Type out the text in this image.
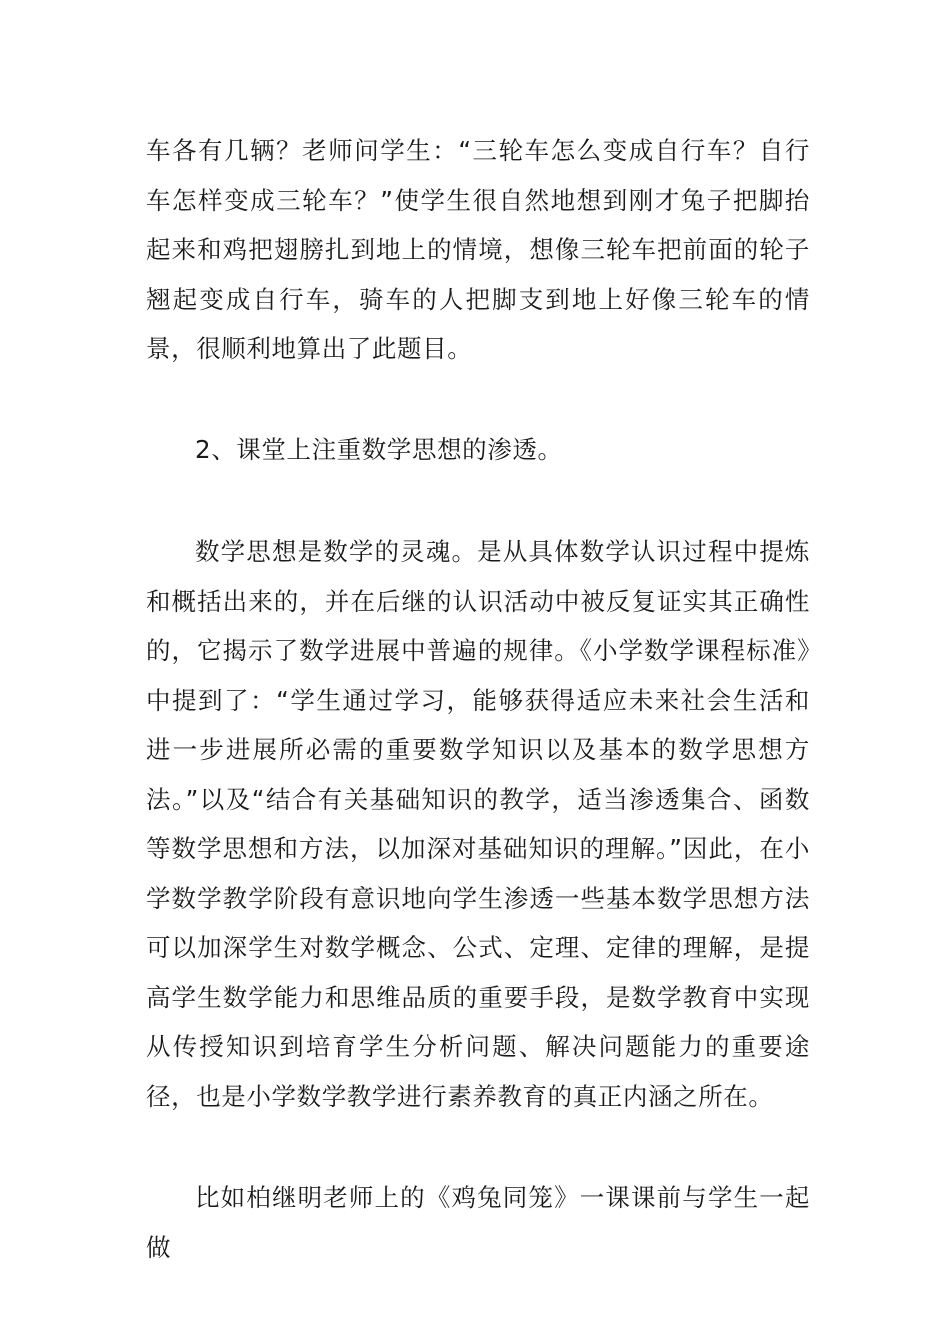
车各有几辆？老师问学生：“三轮车怎么变成自行车？自行车怎样变成三轮车？”使学生很自然地想到刚才兔子把脚抬起来和鸡把翅膀扎到地上的情境，想像三轮车把前面的轮子翘起变成自行车，骑车的人把脚支到地上好像三轮车的情景，很顺利地算出了此题目。

2、课堂上注重数学思想的渗透。

数学思想是数学的灵魂。是从具体数学认识过程中提炼和概括出来的，并在后继的认识活动中被反复证实其正确性的，它揭示了数学进展中普遍的规律。《小学数学课程标准》中提到了：“学生通过学习，能够获得适应未来社会生活和进一步进展所必需的重要数学知识以及基本的数学思想方法。”以及“结合有关基础知识的教学，适当渗透集合、函数等数学思想和方法，以加深对基础知识的理解。”因此，在小学数学教学阶段有意识地向学生渗透一些基本数学思想方法可以加深学生对数学概念、公式、定理、定律的理解，是提高学生数学能力和思维品质的重要手段，是数学教育中实现从传授知识到培育学生分析问题、解决问题能力的重要途径，也是小学数学教学进行素养教育的真正内涵之所在。

比如柏继明老师上的《鸡兔同笼》一课课前与学生一起做
